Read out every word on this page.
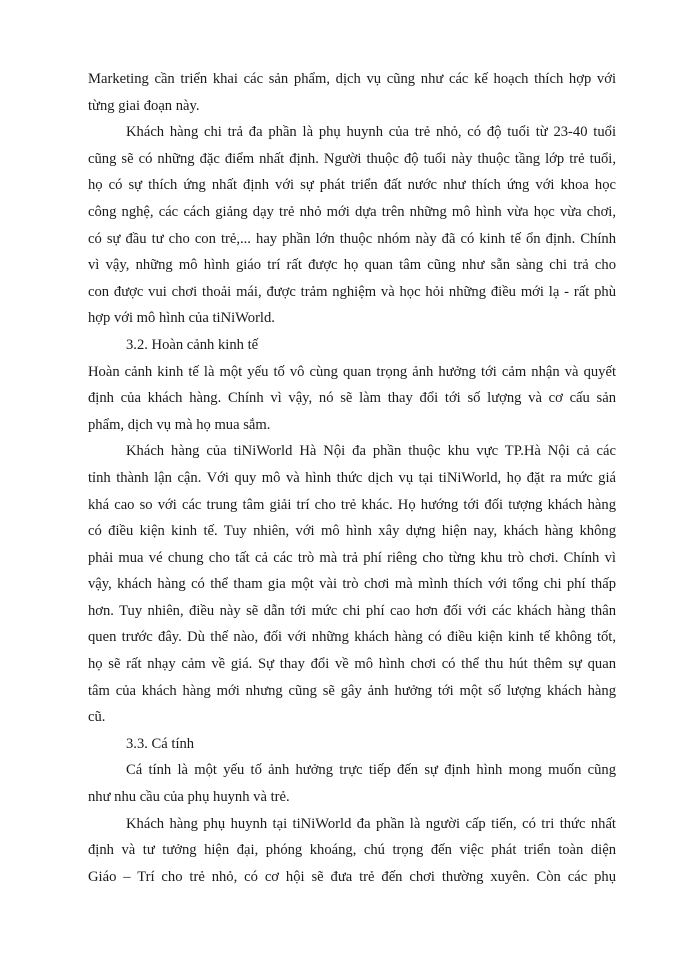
Marketing cần triển khai các sản phẩm, dịch vụ cũng như các kế hoạch thích hợp với
từng giai đoạn này.
Khách hàng chi trả đa phần là phụ huynh của trẻ nhỏ, có độ tuổi từ 23-40 tuổi
cũng sẽ có những đặc điểm nhất định. Người thuộc độ tuổi này thuộc tầng lớp trẻ tuổi,
họ có sự thích ứng nhất định với sự phát triển đất nước như thích ứng với khoa học
công nghệ, các cách giảng dạy trẻ nhỏ mới dựa trên những mô hình vừa học vừa chơi,
có sự đầu tư cho con trẻ,... hay phần lớn thuộc nhóm này đã có kinh tế ổn định. Chính
vì vậy, những mô hình giáo trí rất được họ quan tâm cũng như sẵn sàng chi trả cho
con được vui chơi thoải mái, được trảm nghiệm và học hỏi những điều mới lạ - rất phù
hợp với mô hình của tiNiWorld.
3.2. Hoàn cảnh kinh tế
Hoàn cảnh kinh tế là một yếu tố vô cùng quan trọng ảnh hưởng tới cảm nhận và quyết
định của khách hàng. Chính vì vậy, nó sẽ làm thay đổi tới số lượng và cơ cấu sản
phẩm, dịch vụ mà họ mua sắm.
Khách hàng của tiNiWorld Hà Nội đa phần thuộc khu vực TP.Hà Nội cả các
tỉnh thành lận cận. Với quy mô và hình thức dịch vụ tại tiNiWorld, họ đặt ra mức giá
khá cao so với các trung tâm giải trí cho trẻ khác. Họ hướng tới đối tượng khách hàng
có điều kiện kinh tế. Tuy nhiên, với mô hình xây dựng hiện nay, khách hàng không
phải mua vé chung cho tất cả các trò mà trả phí riêng cho từng khu trò chơi. Chính vì
vậy, khách hàng có thể tham gia một vài trò chơi mà mình thích với tổng chi phí thấp
hơn. Tuy nhiên, điều này sẽ dẫn tới mức chi phí cao hơn đối với các khách hàng thân
quen trước đây. Dù thế nào, đối với những khách hàng có điều kiện kinh tế không tốt,
họ sẽ rất nhạy cảm về giá. Sự thay đổi về mô hình chơi có thể thu hút thêm sự quan
tâm của khách hàng mới nhưng cũng sẽ gây ảnh hưởng tới một số lượng khách hàng
cũ.
3.3. Cá tính
Cá tính là một yếu tố ảnh hưởng trực tiếp đến sự định hình mong muốn cũng
như nhu cầu của phụ huynh và trẻ.
Khách hàng phụ huynh tại tiNiWorld đa phần là người cấp tiến, có tri thức nhất
định và tư tưởng hiện đại, phóng khoáng, chú trọng đến việc phát triển toàn diện
Giáo – Trí cho trẻ nhỏ, có cơ hội sẽ đưa trẻ đến chơi thường xuyên. Còn các phụ
